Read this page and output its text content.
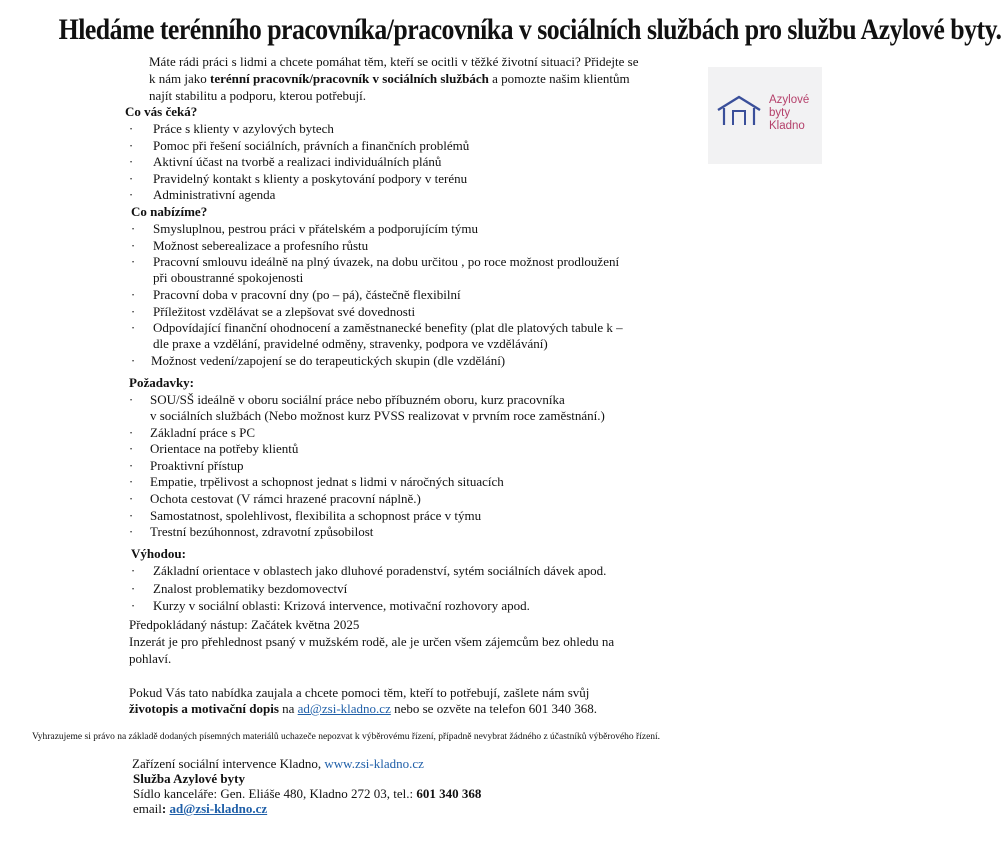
Hledáme terénního pracovníka/pracovníka v sociálních službách pro službu Azylové byty.
Azylové
byty
Kladno
Máte rádi práci s lidmi a chcete pomáhat těm, kteří se ocitli v těžké životní situaci? Přidejte se
k nám jako terénní pracovník/pracovník v sociálních službách a pomozte našim klientům
najít stabilitu a podporu, kterou potřebují.
Co vás čeká?
· Práce s klienty v azylových bytech
· Pomoc při řešení sociálních, právních a finančních problémů
· Aktivní účast na tvorbě a realizaci individuálních plánů
· Pravidelný kontakt s klienty a poskytování podpory v terénu
· Administrativní agenda
Co nabízíme?
· Smysluplnou, pestrou práci v přátelském a podporujícím týmu
· Možnost seberealizace a profesního růstu
· Pracovní smlouvu ideálně na plný úvazek, na dobu určitou , po roce možnost prodloužení
při oboustranné spokojenosti
· Pracovní doba v pracovní dny (po – pá), částečně flexibilní
· Příležitost vzdělávat se a zlepšovat své dovednosti
· Odpovídající finanční ohodnocení a zaměstnanecké benefity (plat dle platových tabule k –
dle praxe a vzdělání, pravidelné odměny, stravenky, podpora ve vzdělávání)
· Možnost vedení/zapojení se do terapeutických skupin (dle vzdělání)
Požadavky:
· SOU/SŠ ideálně v oboru sociální práce nebo příbuzném oboru, kurz pracovníka
v sociálních službách (Nebo možnost kurz PVSS realizovat v prvním roce zaměstnání.)
· Základní práce s PC
· Orientace na potřeby klientů
· Proaktivní přístup
· Empatie, trpělivost a schopnost jednat s lidmi v náročných situacích
· Ochota cestovat (V rámci hrazené pracovní náplně.)
· Samostatnost, spolehlivost, flexibilita a schopnost práce v týmu
· Trestní bezúhonnost, zdravotní způsobilost
Výhodou:
· Základní orientace v oblastech jako dluhové poradenství, sytém sociálních dávek apod.
· Znalost problematiky bezdomovectví
· Kurzy v sociální oblasti: Krizová intervence, motivační rozhovory apod.
Předpokládaný nástup: Začátek května 2025
Inzerát je pro přehlednost psaný v mužském rodě, ale je určen všem zájemcům bez ohledu na
pohlaví.
Pokud Vás tato nabídka zaujala a chcete pomoci těm, kteří to potřebují, zašlete nám svůj
životopis a motivační dopis na ad@zsi-kladno.cz nebo se ozvěte na telefon 601 340 368.
Vyhrazujeme si právo na základě dodaných písemných materiálů uchazeče nepozvat k výběrovému řízení, případně nevybrat žádného z účastníků výběrového řízení.
Zařízení sociální intervence Kladno, www.zsi-kladno.cz
Služba Azylové byty
Sídlo kanceláře: Gen. Eliáše 480, Kladno 272 03, tel.: 601 340 368
email: ad@zsi-kladno.cz
